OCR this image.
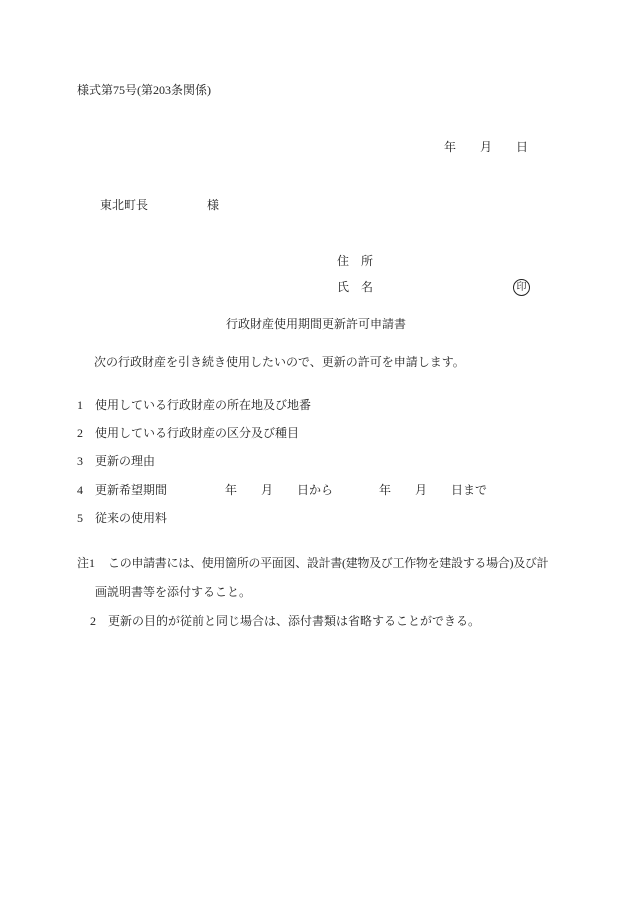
様式第75号(第203条関係)
年 月 日
東北町長	様
住 所
氏 名	印
行政財産使用期間更新許可申請書
次の行政財産を引き続き使用したいので、更新の許可を申請します。
1 使用している行政財産の所在地及び地番
2 使用している行政財産の区分及び種目
3 更新の理由
4 更新希望期間	年 月 日から	年 月 日まで
5 従来の使用料
注1 この申請書には、使用箇所の平面図、設計書(建物及び工作物を建設する場合)及び計
画説明書等を添付すること。
2 更新の目的が従前と同じ場合は、添付書類は省略することができる。
